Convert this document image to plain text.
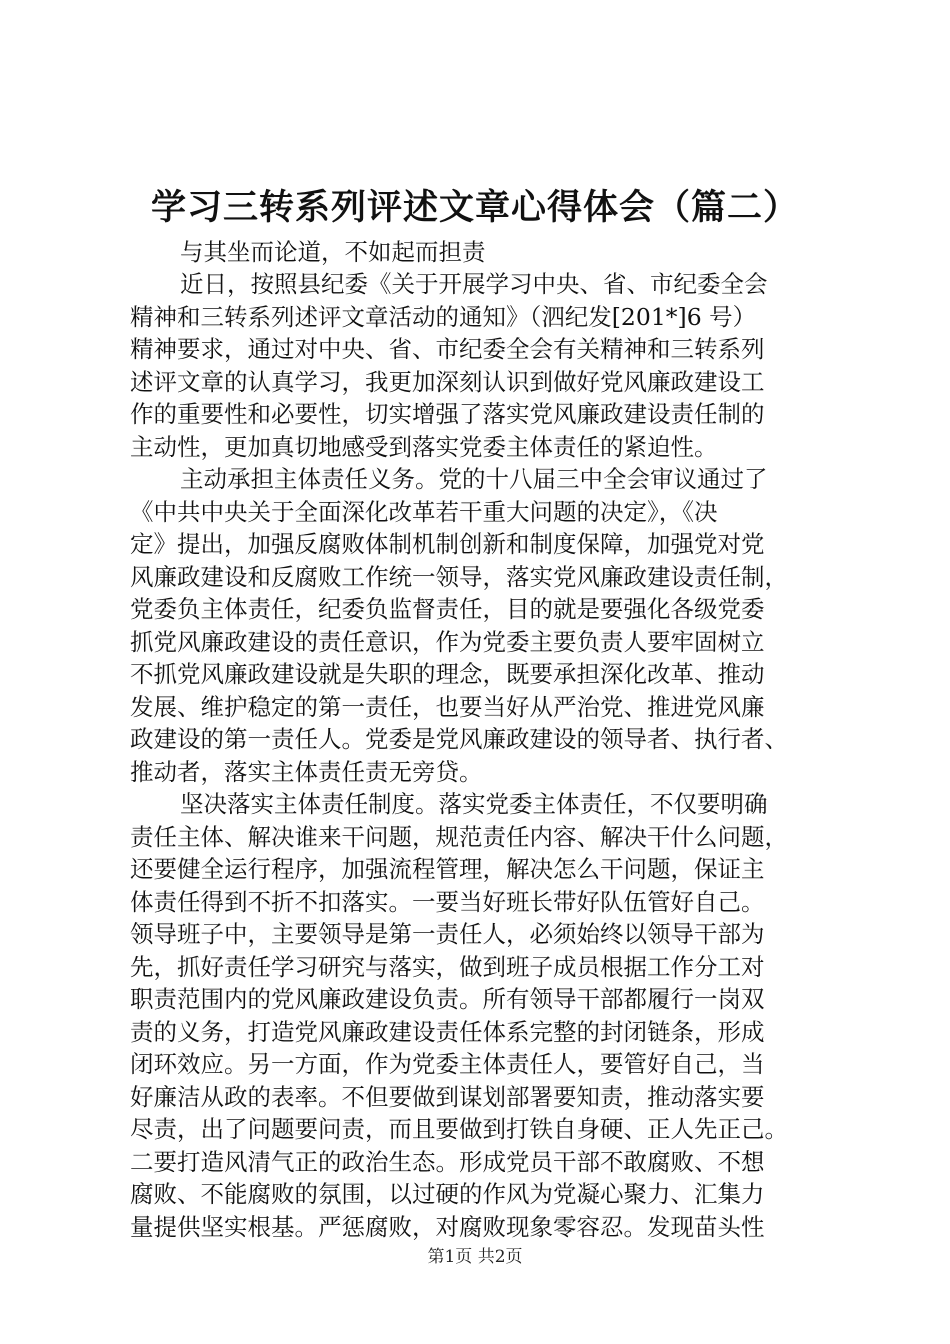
学习三转系列评述文章心得体会（篇二）
与其坐而论道，不如起而担责
近日，按照县纪委《关于开展学习中央、省、市纪委全会
精神和三转系列述评文章活动的通知》（泗纪发[201*]6 号）
精神要求，通过对中央、省、市纪委全会有关精神和三转系列
述评文章的认真学习，我更加深刻认识到做好党风廉政建设工
作的重要性和必要性，切实增强了落实党风廉政建设责任制的
主动性，更加真切地感受到落实党委主体责任的紧迫性。
主动承担主体责任义务。党的十八届三中全会审议通过了
《中共中央关于全面深化改革若干重大问题的决定》，《决
定》提出，加强反腐败体制机制创新和制度保障，加强党对党
风廉政建设和反腐败工作统一领导，落实党风廉政建设责任制，
党委负主体责任，纪委负监督责任，目的就是要强化各级党委
抓党风廉政建设的责任意识，作为党委主要负责人要牢固树立
不抓党风廉政建设就是失职的理念，既要承担深化改革、推动
发展、维护稳定的第一责任，也要当好从严治党、推进党风廉
政建设的第一责任人。党委是党风廉政建设的领导者、执行者、
推动者，落实主体责任责无旁贷。
坚决落实主体责任制度。落实党委主体责任，不仅要明确
责任主体、解决谁来干问题，规范责任内容、解决干什么问题，
还要健全运行程序，加强流程管理，解决怎么干问题，保证主
体责任得到不折不扣落实。一要当好班长带好队伍管好自己。
领导班子中，主要领导是第一责任人，必须始终以领导干部为
先，抓好责任学习研究与落实，做到班子成员根据工作分工对
职责范围内的党风廉政建设负责。所有领导干部都履行一岗双
责的义务，打造党风廉政建设责任体系完整的封闭链条，形成
闭环效应。另一方面，作为党委主体责任人，要管好自己，当
好廉洁从政的表率。不但要做到谋划部署要知责，推动落实要
尽责，出了问题要问责，而且要做到打铁自身硬、正人先正己。
二要打造风清气正的政治生态。形成党员干部不敢腐败、不想
腐败、不能腐败的氛围，以过硬的作风为党凝心聚力、汇集力
量提供坚实根基。严惩腐败，对腐败现象零容忍。发现苗头性
第1页 共2页
